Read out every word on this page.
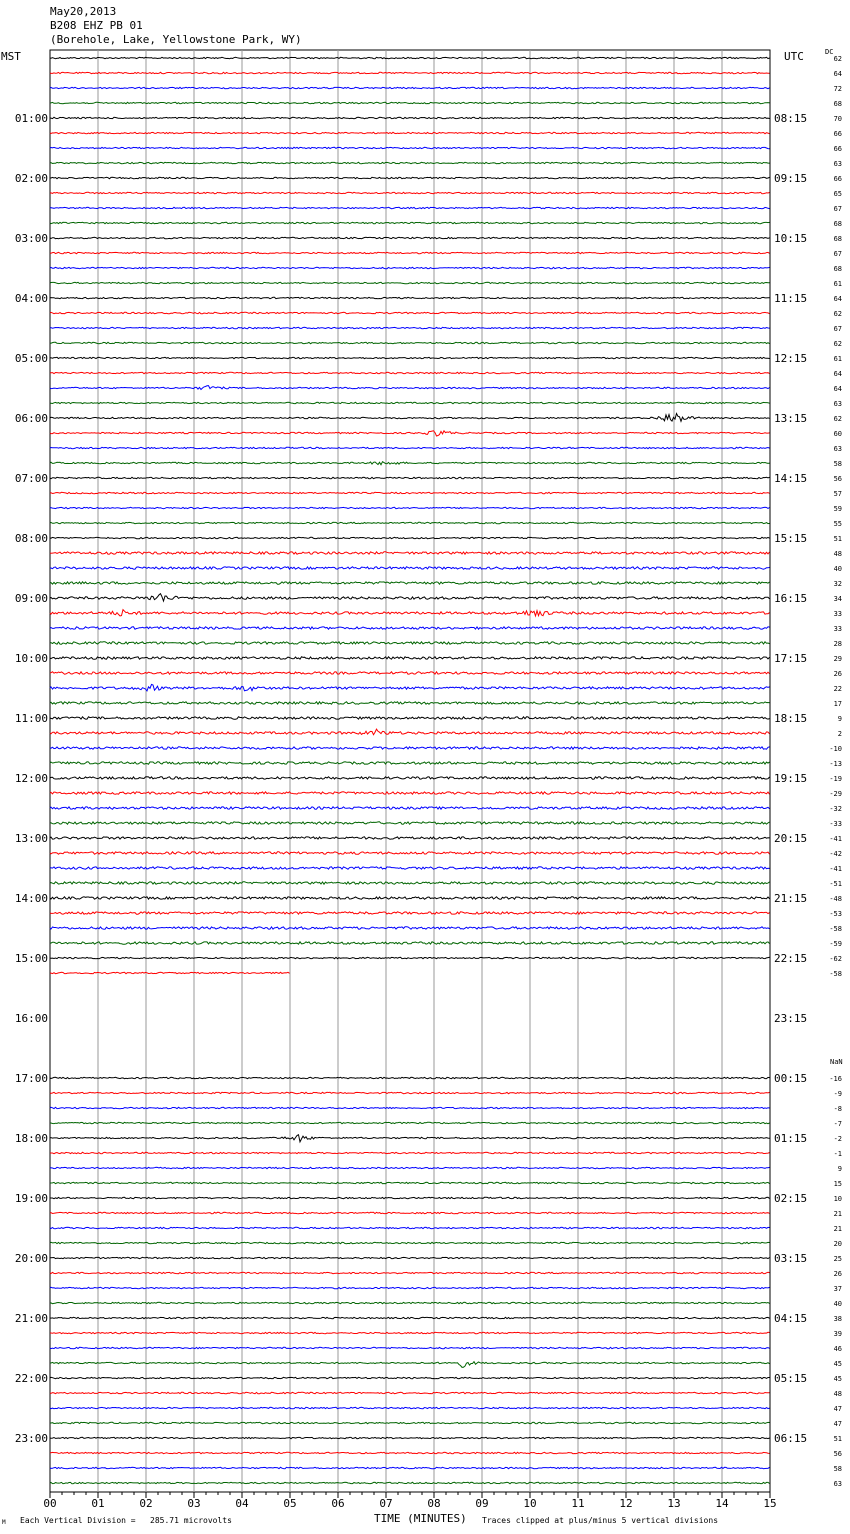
May20,2013
B208 EHZ PB 01
(Borehole, Lake, Yellowstone Park, WY)
MST	UTC	DC
NaN
62
64
72
68
70
66
66
63
66
65
67
68
68
67
68
61
64
62
67
62
61
64
64
63
62
60
63
58
56
57
59
55
51
48
40
32
34
33
33
28
29
26
22
17
9
2
-10
-13
-19
-29
-32
-33
-41
-42
-41
-51
-48
-53
-58
-59
-62
-58
-16
-9
-8
-7
-2
-1
9
15
10
21
21
20
25
26
37
40
38
39
46
45
45
48
47
47
51
56
58
63
01:00
02:00
03:00
04:00
05:00
06:00
07:00
08:00
09:00
10:00
11:00
12:00
13:00
14:00
15:00
16:00
17:00
18:00
19:00
20:00
21:00
22:00
23:00
08:15
09:15
10:15
11:15
12:15
13:15
14:15
15:15
16:15
17:15
18:15
19:15
20:15
21:15
22:15
23:15
00:15
01:15
02:15
03:15
04:15
05:15
06:15
00	01	02	03	04	05	06	07	08	09	10	11	12	13	14	15
M Each Vertical Division =   285.71 microvolts	TIME (MINUTES) Traces clipped at plus/minus 5 vertical divisions
